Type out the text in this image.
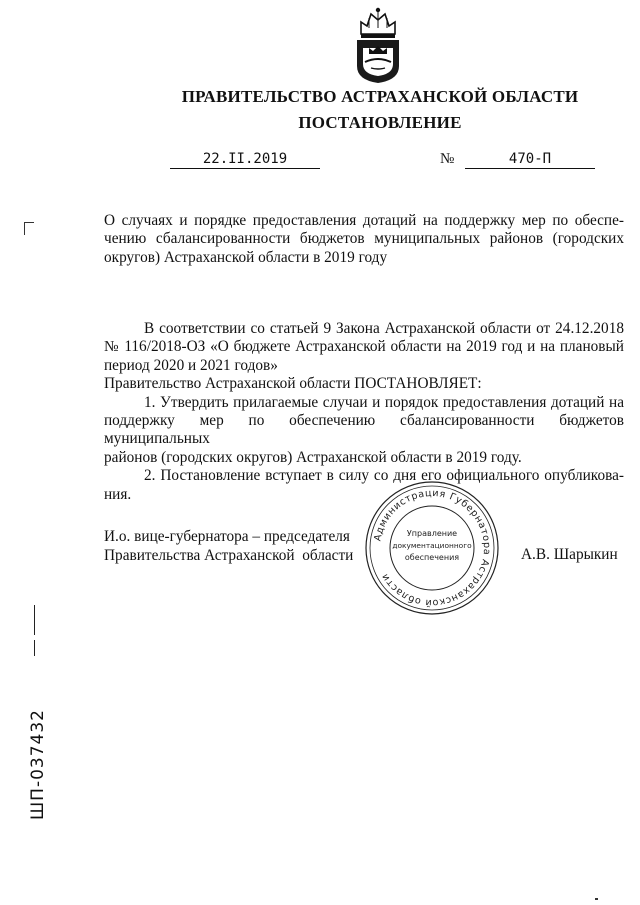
ПРАВИТЕЛЬСТВО АСТРАХАНСКОЙ ОБЛАСТИ
ПОСТАНОВЛЕНИЕ
22.II.2019	№	470-П
О случаях и порядке предоставления дотаций на поддержку мер по обеспе-
чению сбалансированности бюджетов муниципальных районов (городских
округов) Астраханской области в 2019 году
В соответствии со статьей 9 Закона Астраханской области от 24.12.2018
№ 116/2018-ОЗ «О бюджете Астраханской области на 2019 год и на плановый
период 2020 и 2021 годов»
Правительство Астраханской области ПОСТАНОВЛЯЕТ:
1. Утвердить прилагаемые случаи и порядок предоставления дотаций на
поддержку мер по обеспечению сбалансированности бюджетов муниципальных
районов (городских округов) Астраханской области в 2019 году.
2. Постановление вступает в силу со дня его официального опубликова-
ния.
И.о. вице-губернатора – председателя
Правительства Астраханской  области	А.В. Шарыкин
Администрация Губернатора Астраханской области
Управление
документационного
обеспечения
ШП-037432
